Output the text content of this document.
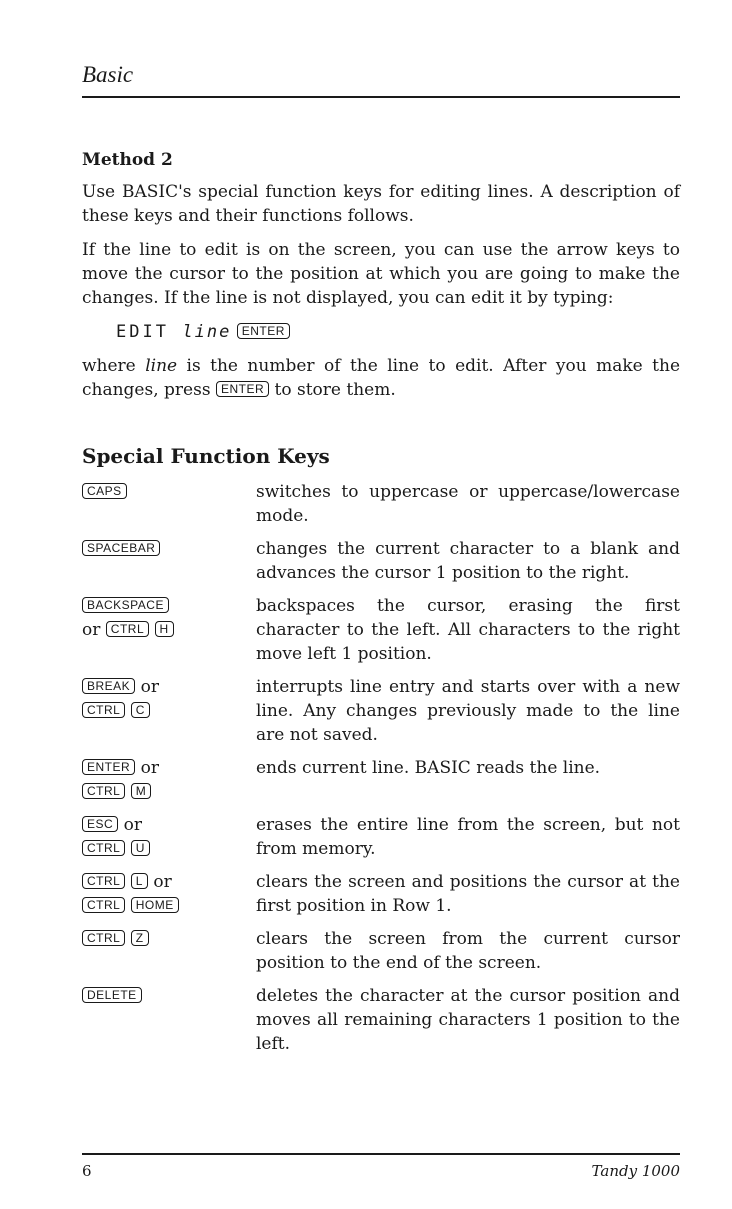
Basic
Method 2

Use BASIC's special function keys for editing lines. A description of these keys and their functions follows.

If the line to edit is on the screen, you can use the arrow keys to move the cursor to the position at which you are going to make the changes. If the line is not displayed, you can edit it by typing:

EDIT line ENTER

where line is the number of the line to edit. After you make the changes, press ENTER to store them.

Special Function Keys
CAPS	switches to uppercase or uppercase/lowercase mode.
SPACEBAR	changes the current character to a blank and advances the cursor 1 position to the right.
BACKSPACE
or CTRL H	backspaces the cursor, erasing the first character to the left. All characters to the right move left 1 position.
BREAK or
CTRL C	interrupts line entry and starts over with a new line. Any changes previously made to the line are not saved.
ENTER or
CTRL M	ends current line. BASIC reads the line.
ESC or
CTRL U	erases the entire line from the screen, but not from memory.
CTRL L or
CTRL HOME	clears the screen and positions the cursor at the first position in Row 1.
CTRL Z	clears the screen from the current cursor position to the end of the screen.
DELETE	deletes the character at the cursor position and moves all remaining characters 1 position to the left.
6	Tandy 1000
